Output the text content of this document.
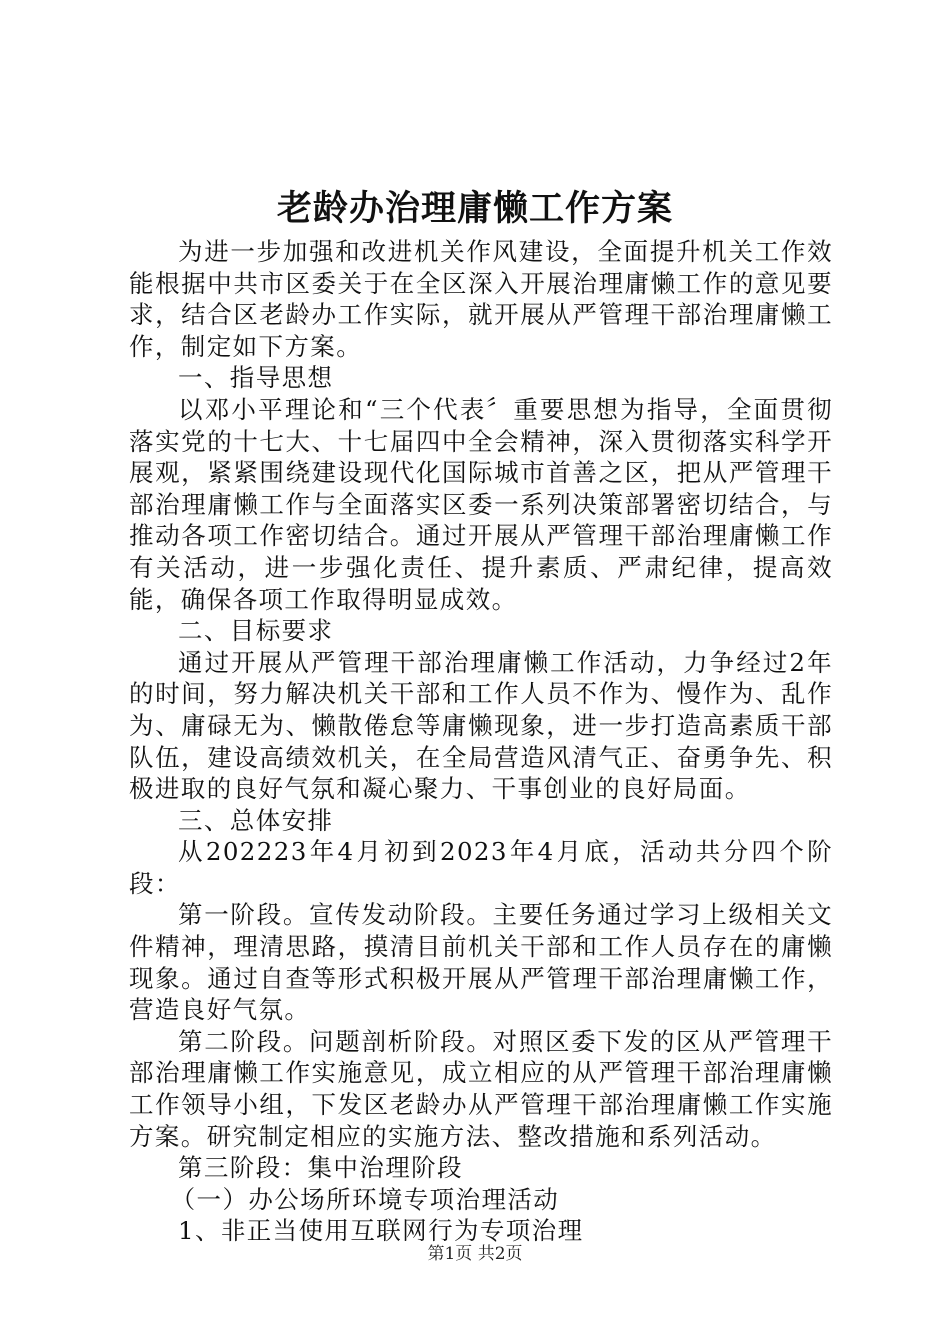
老龄办治理庸懒工作方案

为进一步加强和改进机关作风建设，全面提升机关工作效能根据中共市区委关于在全区深入开展治理庸懒工作的意见要求，结合区老龄办工作实际，就开展从严管理干部治理庸懒工作，制定如下方案。

一、指导思想

以邓小平理论和“三个代表〞重要思想为指导，全面贯彻落实党的十七大、十七届四中全会精神，深入贯彻落实科学开展观，紧紧围绕建设现代化国际城市首善之区，把从严管理干部治理庸懒工作与全面落实区委一系列决策部署密切结合，与推动各项工作密切结合。通过开展从严管理干部治理庸懒工作有关活动，进一步强化责任、提升素质、严肃纪律，提高效能，确保各项工作取得明显成效。

二、目标要求

通过开展从严管理干部治理庸懒工作活动，力争经过2年的时间，努力解决机关干部和工作人员不作为、慢作为、乱作为、庸碌无为、懒散倦怠等庸懒现象，进一步打造高素质干部队伍，建设高绩效机关，在全局营造风清气正、奋勇争先、积极进取的良好气氛和凝心聚力、干事创业的良好局面。

三、总体安排

从202223年4月初到2023年4月底，活动共分四个阶段：

第一阶段。宣传发动阶段。主要任务通过学习上级相关文件精神，理清思路，摸清目前机关干部和工作人员存在的庸懒现象。通过自查等形式积极开展从严管理干部治理庸懒工作，营造良好气氛。

第二阶段。问题剖析阶段。对照区委下发的区从严管理干部治理庸懒工作实施意见，成立相应的从严管理干部治理庸懒工作领导小组，下发区老龄办从严管理干部治理庸懒工作实施方案。研究制定相应的实施方法、整改措施和系列活动。

第三阶段：集中治理阶段

（一）办公场所环境专项治理活动

1、非正当使用互联网行为专项治理

第1页 共2页
